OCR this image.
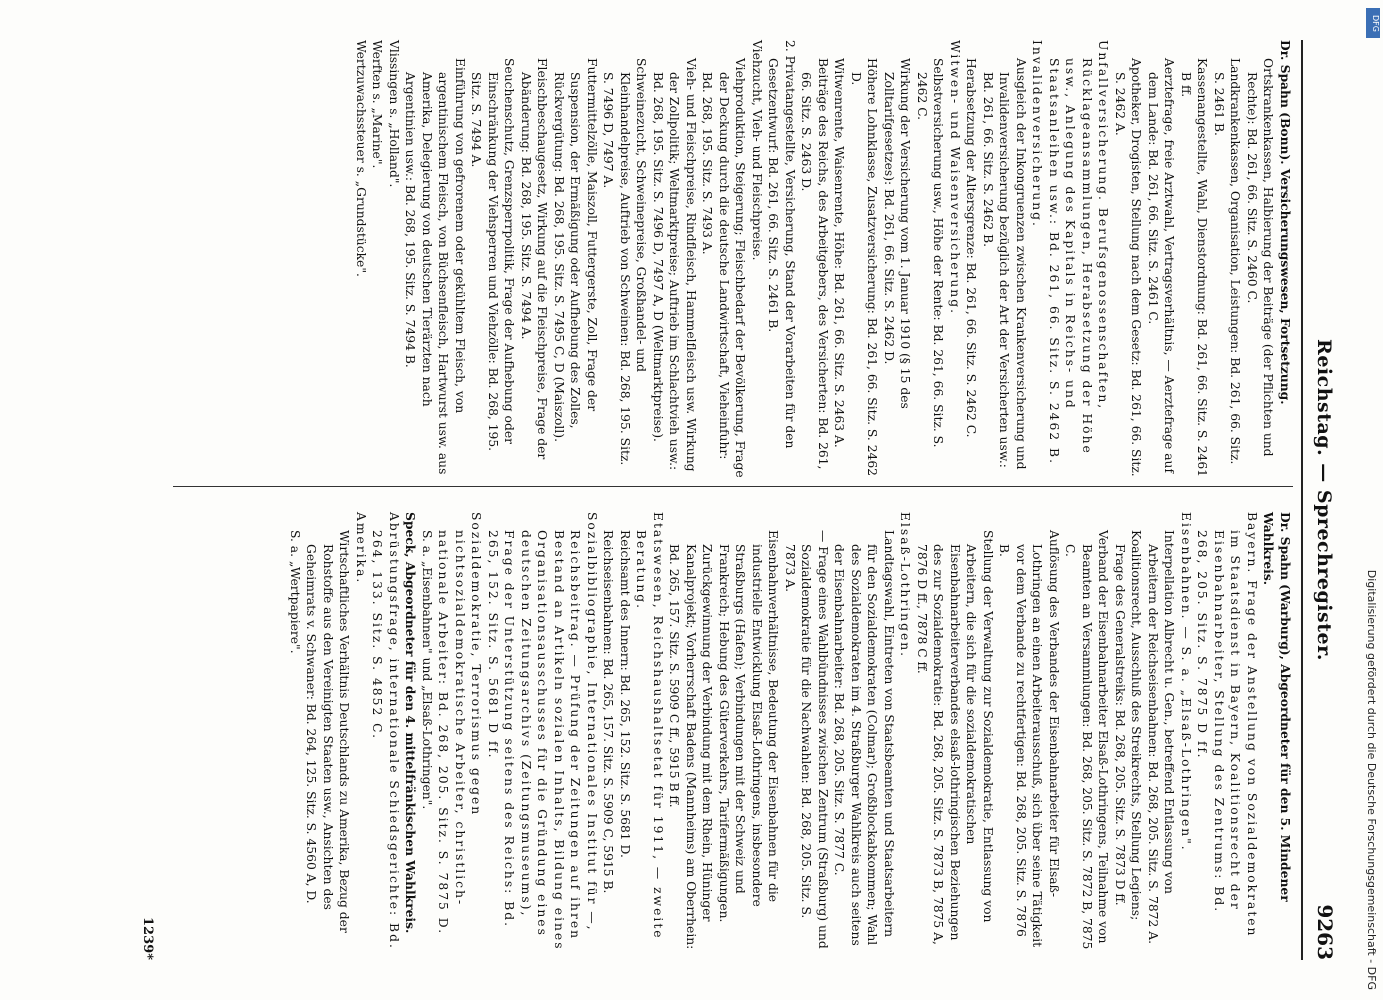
Reichstag. — Sprechregister.
9263

Dr. Spahn (Bonn). Versicherungswesen, Fortsetzung.

Ortskrankenkassen, Halbierung der Beiträge (der Pflichten und Rechte): Bd. 261, 66. Sitz. S. 2460 C.

Landkrankenkassen, Organisation, Leistungen: Bd. 261, 66. Sitz. S. 2461 B.

Kassenangestellte, Wahl, Dienstordnung: Bd. 261, 66. Sitz. S. 2461 B ff.

Aerztefrage, freie Arztwahl, Vertragsverhältnis, — Aerztefrage auf dem Lande: Bd. 261, 66. Sitz. S. 2461 C.

Apotheker, Drogisten, Stellung nach dem Gesetz: Bd. 261, 66. Sitz. S. 2462 A.

Unfallversicherung. Berufsgenossenschaften, Rücklageansammlungen, Herabsetzung der Höhe usw., Anlegung des Kapitals in Reichs- und Staatsanleihen usw.: Bd. 261, 66. Sitz. S. 2462 B.

Invalidenversicherung.

Ausgleich der Inkongruenzen zwischen Krankenversicherung und Invalidenversicherung bezüglich der Art der Versicherten usw.: Bd. 261, 66. Sitz. S. 2462 B.

Herabsetzung der Altersgrenze: Bd. 261, 66. Sitz. S. 2462 C.

Witwen- und Waisenversicherung.

Selbstversicherung usw., Höhe der Rente: Bd. 261, 66. Sitz. S. 2462 C.

Wirkung der Versicherung vom 1. Januar 1910 (§ 15 des Zolltarifgesetzes): Bd. 261, 66. Sitz. S. 2462 D.

Höhere Lohnklasse, Zusatzversicherung: Bd. 261, 66. Sitz. S. 2462 D.

Witwenrente, Waisenrente, Höhe: Bd. 261, 66. Sitz. S. 2463 A.

Beiträge des Reichs, des Arbeitgebers, des Versicherten: Bd. 261, 66. Sitz. S. 2463 D.

2. Privatangestellte, Versicherung, Stand der Vorarbeiten für den Gesetzentwurf: Bd. 261, 66. Sitz. S. 2461 B.

Viehzucht, Vieh- und Fleischpreise.

Viehproduktion, Steigerung; Fleischbedarf der Bevölkerung, Frage der Deckung durch die deutsche Landwirtschaft, Vieheinfuhr: Bd. 268, 195. Sitz. S. 7493 A.

Vieh- und Fleischpreise, Rindfleisch, Hammelfleisch usw. Wirkung der Zollpolitik; Weltmarktpreise; Auftrieb im Schlachtvieh usw.: Bd. 268, 195. Sitz. S. 7496 D, 7497 A, D (Weltmarktpreise).

Schweinezucht, Schweinepreise, Großhandel- und Kleinhandelpreise, Auftrieb von Schweinen: Bd. 268, 195. Sitz. S. 7496 D, 7497 A.

Futtermittelzölle, Maiszoll, Futtergerste, Zoll, Frage der Suspension, der Ermäßigung oder Aufhebung des Zolles, Rückvergütung: Bd. 268, 195. Sitz. S. 7495 C, D (Maiszoll).

Fleischbeschaugesetz, Wirkung auf die Fleischpreise, Frage der Abänderung: Bd. 268, 195. Sitz. S. 7494 A.

Seuchenschutz, Grenzsperrpolitik, Frage der Aufhebung oder Einschränkung der Viehsperren und Viehzölle: Bd. 268, 195. Sitz. S. 7494 A.

Einführung von gefrorenem oder gekühltem Fleisch, von argentinischem Fleisch, von Büchsenfleisch, Hartwurst usw. aus Amerika, Delegierung von deutschen Tierärzten nach Argentinien usw.: Bd. 268, 195. Sitz. S. 7494 B.

Vlissingen s. „Holland".

Werften s. „Marine".

Wertzuwachssteuer s. „Grundstücke".

Dr. Spahn (Warburg), Abgeordneter für den 5. Mindener Wahlkreis.

Bayern. Frage der Anstellung von Sozialdemokraten im Staatsdienst in Bayern, Koalitionsrecht der Eisenbahnarbeiter, Stellung des Zentrums: Bd. 268, 205. Sitz. S. 7875 D ff.

Eisenbahnen. — S. a. „Elsaß-Lothringen".

Interpellation Albrecht u. Gen., betreffend Entlassung von Arbeitern der Reichseisenbahnen: Bd. 268, 205. Sitz. S. 7872 A.

Koalitionsrecht, Ausschluß des Streikrechts, Stellung Legiens; Frage des Generalstreiks: Bd. 268, 205. Sitz. S. 7873 D ff.

Verband der Eisenbahnarbeiter Elsaß-Lothringens, Teilnahme von Beamten an Versammlungen: Bd. 268, 205. Sitz. S. 7872 B, 7875 C.

Auflösung des Verbandes der Eisenbahnarbeiter für Elsaß-Lothringen an einen Arbeiterausschuß, sich über seine Tätigkeit vor dem Verbande zu rechtfertigen: Bd. 268, 205. Sitz. S. 7876 B.

Stellung der Verwaltung zur Sozialdemokratie, Entlassung von Arbeitern, die sich für die sozialdemokratischen Eisenbahnarbeiterverbandes elsaß-lothringischen Beziehungen des zur Sozialdemokratie: Bd. 268, 205. Sitz. S. 7873 B, 7875 A, 7876 D ff., 7878 C ff.

Elsaß-Lothringen.

Landtagswahl, Eintreten von Staatsbeamten und Staatsarbeitern für den Sozialdemokraten (Colmar); Großblockabkommen; Wahl des Sozialdemokraten im 4. Straßburger Wahlkreis auch seitens der Eisenbahnarbeiter: Bd. 268, 205. Sitz. S. 7877 C.

— Frage eines Wahlbündnisses zwischen Zentrum (Straßburg) und Sozialdemokratie für die Nachwahlen: Bd. 268, 205. Sitz. S. 7873 A.

Eisenbahnverhältnisse, Bedeutung der Eisenbahnen für die industrielle Entwicklung Elsaß-Lothringens, insbesondere Straßburgs (Hafen); Verbindungen mit der Schweiz und Frankreich; Hebung des Güterverkehrs, Tarifermäßigungen. Zurückgewinnung der Verbindung mit dem Rhein, Hüninger Kanalprojekt; Vorherrschaft Badens (Mannheims) am Oberrhein: Bd. 265, 157. Sitz. S. 5909 C ff., 5915 B ff.

Etatswesen, Reichshaushaltsetat für 1911, — zweite Beratung.

Reichsamt des Innern: Bd. 265, 152. Sitz. S. 5681 D.

Reichseisenbahnen: Bd. 265, 157. Sitz. S. 5909 C, 5915 B.

Sozialbibliographie, Internationales Institut für —, Reichsbeitrag. — Prüfung der Zeitungen auf ihren Bestand an Artikeln sozialen Inhalts, Bildung eines Organisationsausschusses für die Gründung eines deutschen Zeitungsarchivs (Zeitungsmuseums), Frage der Unterstützung seitens des Reichs: Bd. 265, 152. Sitz. S. 5681 D ff.

Sozialdemokratie, Terrorismus gegen nichtsozialdemokratische Arbeiter, christlich-nationale Arbeiter: Bd. 268, 205. Sitz. S. 7875 D.

S. a. „Eisenbahnen" und „Elsaß-Lothringen".

Speck, Abgeordneter für den 4. mittelfränkischen Wahlkreis.

Abrüstungsfrage, internationale Schiedsgerichte: Bd. 264, 133. Sitz. S. 4852 C.

Amerika.

Wirtschaftliches Verhältnis Deutschlands zu Amerika, Bezug der Rohstoffe aus den Vereinigten Staaten usw., Ansichten des Geheimrats v. Schwaner: Bd. 264, 125. Sitz. S. 4560 A, D.

S. a. „Wertpapiere".

1239*	Digitalisierung gefördert durch die Deutsche Forschungsgemeinschaft - DFG
DFG
